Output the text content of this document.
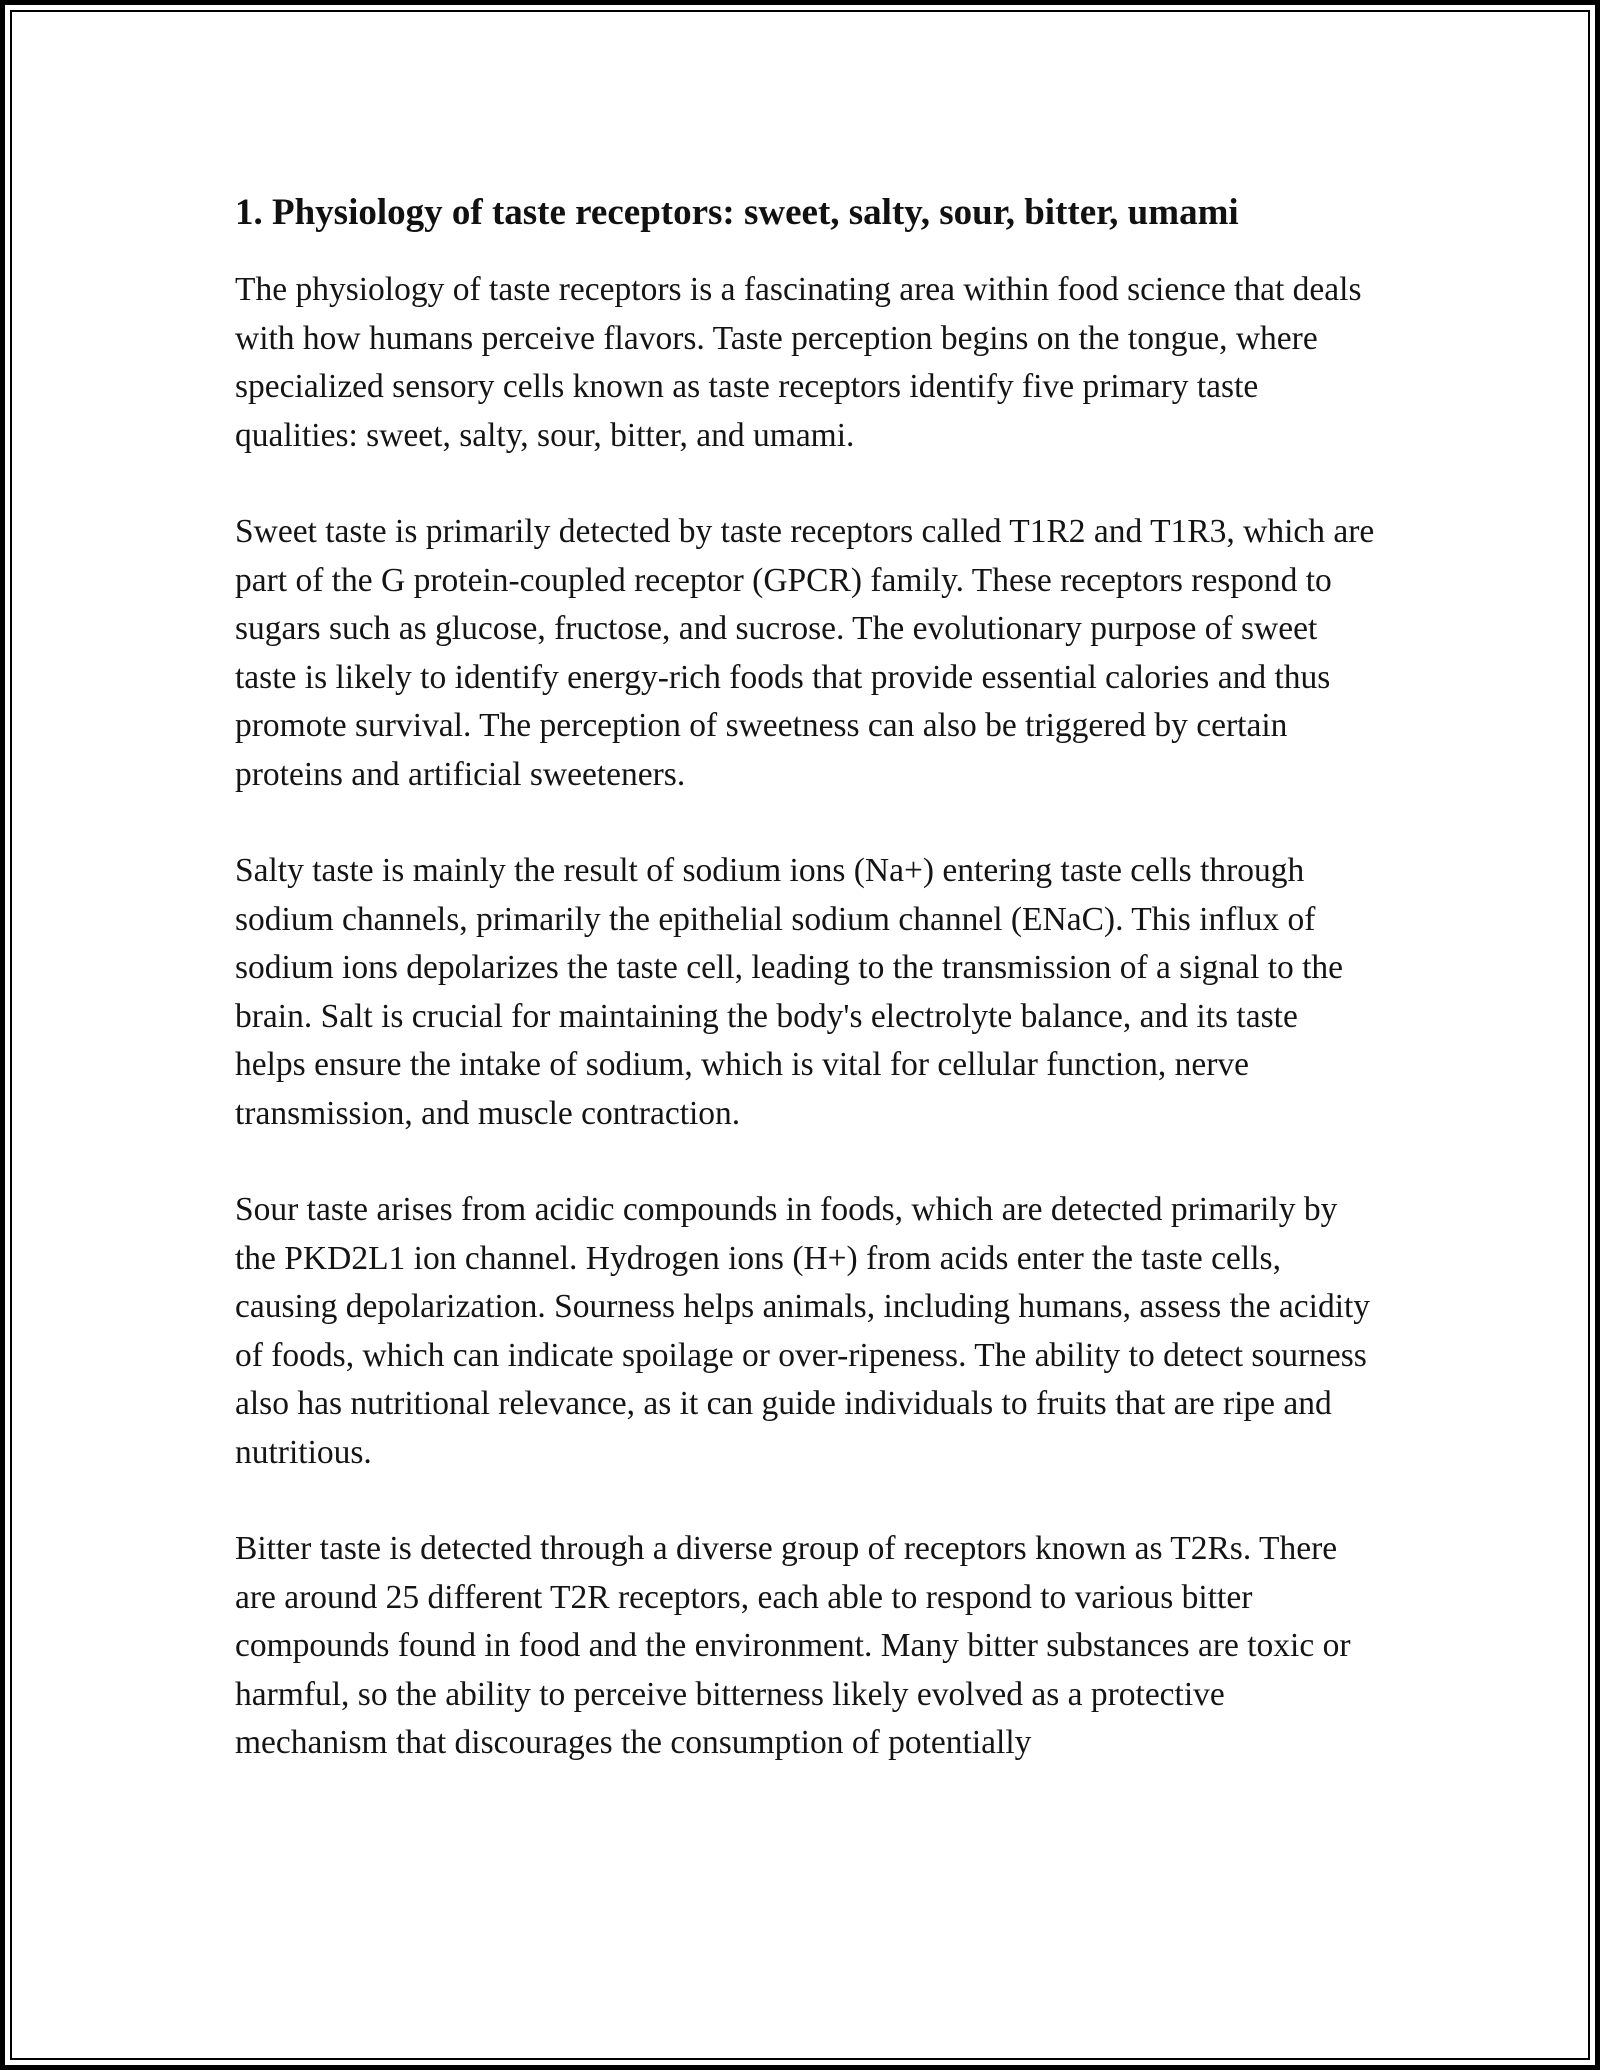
1. Physiology of taste receptors: sweet, salty, sour, bitter, umami

The physiology of taste receptors is a fascinating area within food science that deals with how humans perceive flavors. Taste perception begins on the tongue, where specialized sensory cells known as taste receptors identify five primary taste qualities: sweet, salty, sour, bitter, and umami.

Sweet taste is primarily detected by taste receptors called T1R2 and T1R3, which are part of the G protein-coupled receptor (GPCR) family. These receptors respond to sugars such as glucose, fructose, and sucrose. The evolutionary purpose of sweet taste is likely to identify energy-rich foods that provide essential calories and thus promote survival. The perception of sweetness can also be triggered by certain proteins and artificial sweeteners.

Salty taste is mainly the result of sodium ions (Na+) entering taste cells through sodium channels, primarily the epithelial sodium channel (ENaC). This influx of sodium ions depolarizes the taste cell, leading to the transmission of a signal to the brain. Salt is crucial for maintaining the body's electrolyte balance, and its taste helps ensure the intake of sodium, which is vital for cellular function, nerve transmission, and muscle contraction.

Sour taste arises from acidic compounds in foods, which are detected primarily by the PKD2L1 ion channel. Hydrogen ions (H+) from acids enter the taste cells, causing depolarization. Sourness helps animals, including humans, assess the acidity of foods, which can indicate spoilage or over-ripeness. The ability to detect sourness also has nutritional relevance, as it can guide individuals to fruits that are ripe and nutritious.

Bitter taste is detected through a diverse group of receptors known as T2Rs. There are around 25 different T2R receptors, each able to respond to various bitter compounds found in food and the environment. Many bitter substances are toxic or harmful, so the ability to perceive bitterness likely evolved as a protective mechanism that discourages the consumption of potentially
